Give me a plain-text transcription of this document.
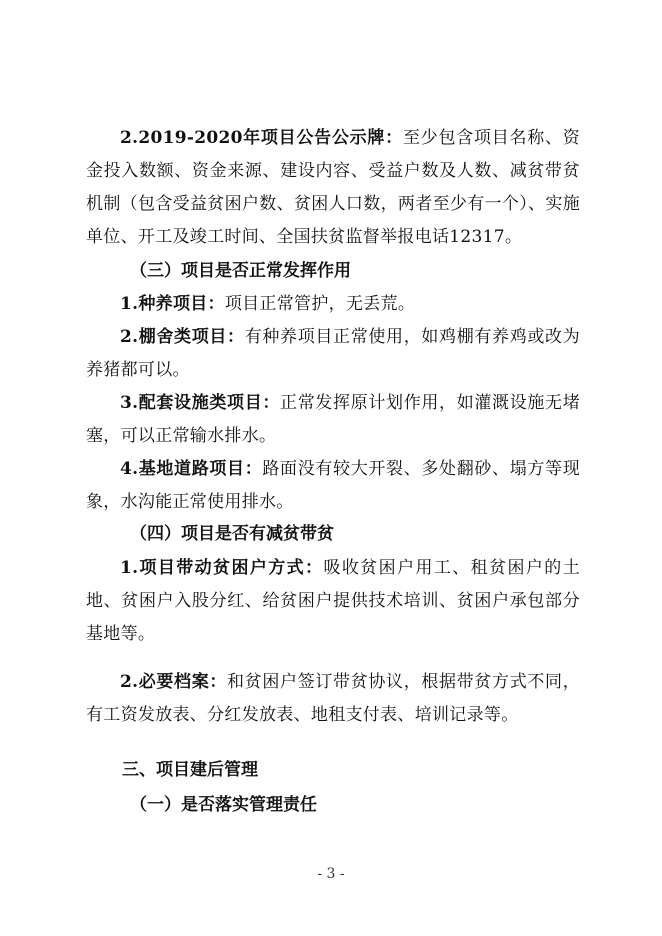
2.2019-2020年项目公告公示牌：至少包含项目名称、资金投入数额、资金来源、建设内容、受益户数及人数、减贫带贫机制（包含受益贫困户数、贫困人口数，两者至少有一个）、实施单位、开工及竣工时间、全国扶贫监督举报电话12317。

（三）项目是否正常发挥作用

1.种养项目：项目正常管护，无丢荒。

2.棚舍类项目：有种养项目正常使用，如鸡棚有养鸡或改为养猪都可以。

3.配套设施类项目：正常发挥原计划作用，如灌溉设施无堵塞，可以正常输水排水。

4.基地道路项目：路面没有较大开裂、多处翻砂、塌方等现象，水沟能正常使用排水。

（四）项目是否有减贫带贫

1.项目带动贫困户方式：吸收贫困户用工、租贫困户的土地、贫困户入股分红、给贫困户提供技术培训、贫困户承包部分基地等。

2.必要档案：和贫困户签订带贫协议，根据带贫方式不同，有工资发放表、分红发放表、地租支付表、培训记录等。

三、项目建后管理
（一）是否落实管理责任
- 3 -
